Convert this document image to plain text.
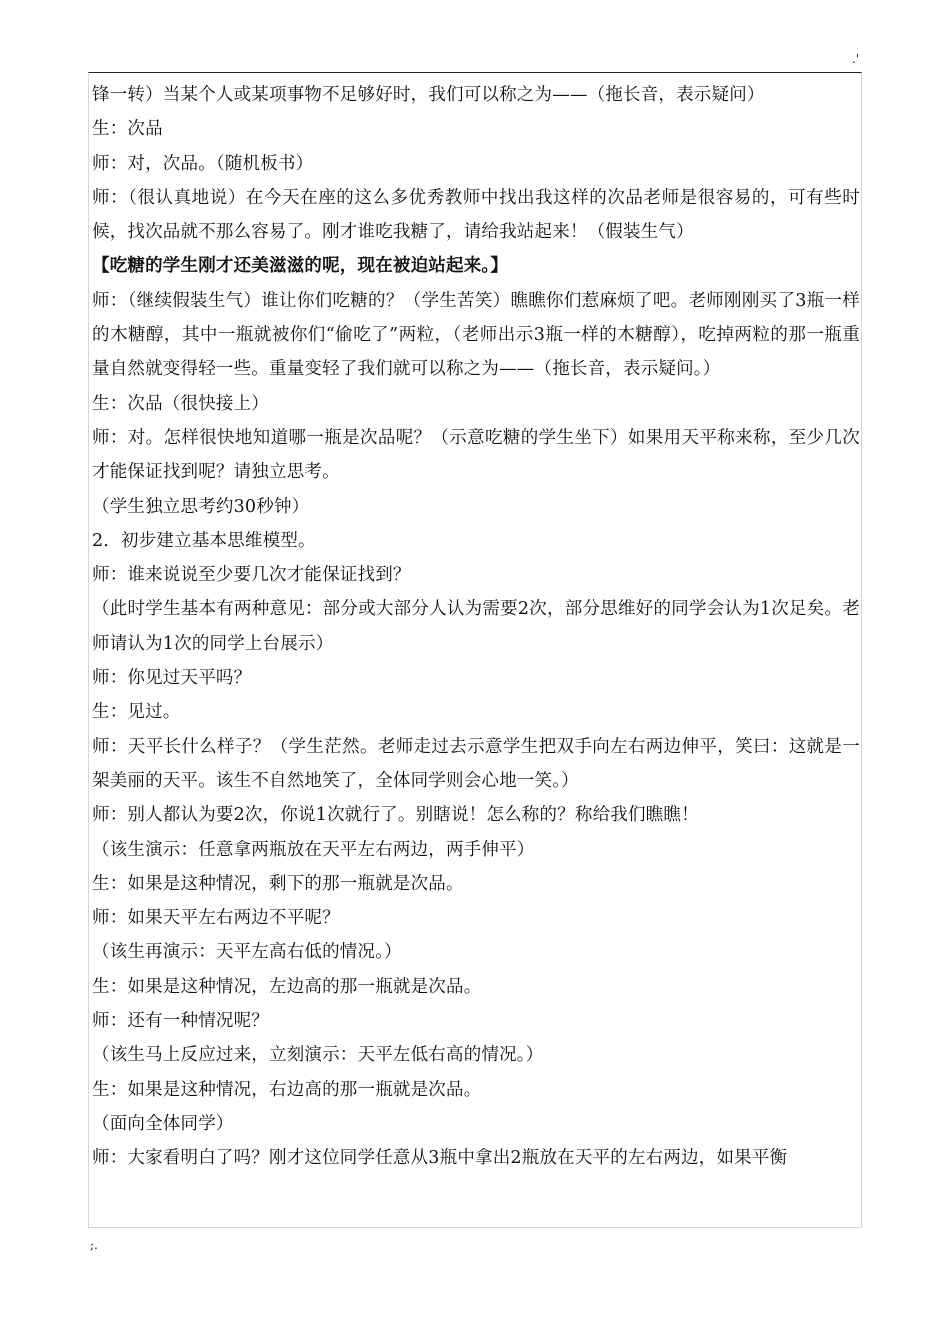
.'

锋一转）当某个人或某项事物不足够好时，我们可以称之为——（拖长音，表示疑问）

生：次品

师：对，次品。（随机板书）

师：（很认真地说）在今天在座的这么多优秀教师中找出我这样的次品老师是很容易的，可有些时候，找次品就不那么容易了。刚才谁吃我糖了，请给我站起来！（假装生气）

【吃糖的学生刚才还美滋滋的呢，现在被迫站起来。】

师：（继续假装生气）谁让你们吃糖的？（学生苦笑）瞧瞧你们惹麻烦了吧。老师刚刚买了3瓶一样的木糖醇，其中一瓶就被你们“偷吃了”两粒，（老师出示3瓶一样的木糖醇），吃掉两粒的那一瓶重量自然就变得轻一些。重量变轻了我们就可以称之为——（拖长音，表示疑问。）

生：次品（很快接上）

师：对。怎样很快地知道哪一瓶是次品呢？（示意吃糖的学生坐下）如果用天平称来称，至少几次才能保证找到呢？请独立思考。

（学生独立思考约30秒钟）

2．初步建立基本思维模型。

师：谁来说说至少要几次才能保证找到？

（此时学生基本有两种意见：部分或大部分人认为需要2次，部分思维好的同学会认为1次足矣。老师请认为1次的同学上台展示）

师：你见过天平吗？

生：见过。

师：天平长什么样子？（学生茫然。老师走过去示意学生把双手向左右两边伸平，笑曰：这就是一架美丽的天平。该生不自然地笑了，全体同学则会心地一笑。）

师：别人都认为要2次，你说1次就行了。别瞎说！怎么称的？称给我们瞧瞧！

（该生演示：任意拿两瓶放在天平左右两边，两手伸平）

生：如果是这种情况，剩下的那一瓶就是次品。

师：如果天平左右两边不平呢？

（该生再演示：天平左高右低的情况。）

生：如果是这种情况，左边高的那一瓶就是次品。

师：还有一种情况呢？

（该生马上反应过来，立刻演示：天平左低右高的情况。）

生：如果是这种情况，右边高的那一瓶就是次品。

（面向全体同学）

师：大家看明白了吗？刚才这位同学任意从3瓶中拿出2瓶放在天平的左右两边，如果平衡

;.
